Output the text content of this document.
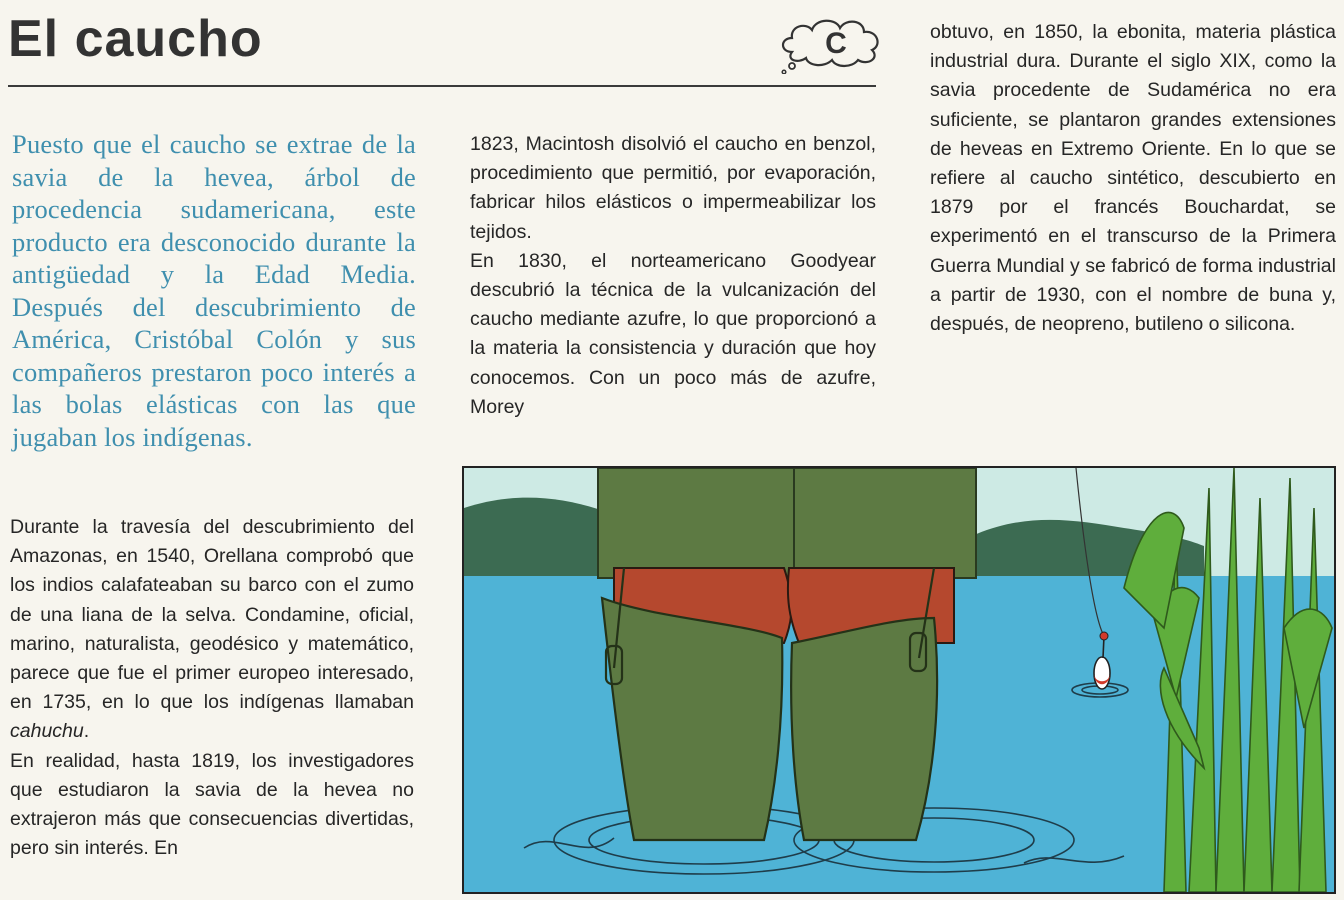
El caucho	C

Puesto que el caucho se extrae de la savia de la hevea, árbol de procedencia sudamericana, este producto era desconocido durante la antigüedad y la Edad Media. Después del descubrimiento de América, Cristóbal Colón y sus compañeros prestaron poco interés a las bolas elásticas con las que jugaban los indígenas.

Durante la travesía del descubrimiento del Amazonas, en 1540, Orellana comprobó que los indios calafateaban su barco con el zumo de una liana de la selva. Condamine, oficial, marino, naturalista, geodésico y matemático, parece que fue el primer europeo interesado, en 1735, en lo que los indígenas llamaban cahuchu.

En realidad, hasta 1819, los investigadores que estudiaron la savia de la hevea no extrajeron más que consecuencias divertidas, pero sin interés. En

1823, Macintosh disolvió el caucho en benzol, procedimiento que permitió, por evaporación, fabricar hilos elásticos o impermeabilizar los tejidos.

En 1830, el norteamericano Goodyear descubrió la técnica de la vulcanización del caucho mediante azufre, lo que proporcionó a la materia la consistencia y duración que hoy conocemos. Con un poco más de azufre, Morey

obtuvo, en 1850, la ebonita, materia plástica industrial dura. Durante el siglo XIX, como la savia procedente de Sudamérica no era suficiente, se plantaron grandes extensiones de heveas en Extremo Oriente. En lo que se refiere al caucho sintético, descubierto en 1879 por el francés Bouchardat, se experimentó en el transcurso de la Primera Guerra Mundial y se fabricó de forma industrial a partir de 1930, con el nombre de buna y, después, de neopreno, butileno o silicona.
